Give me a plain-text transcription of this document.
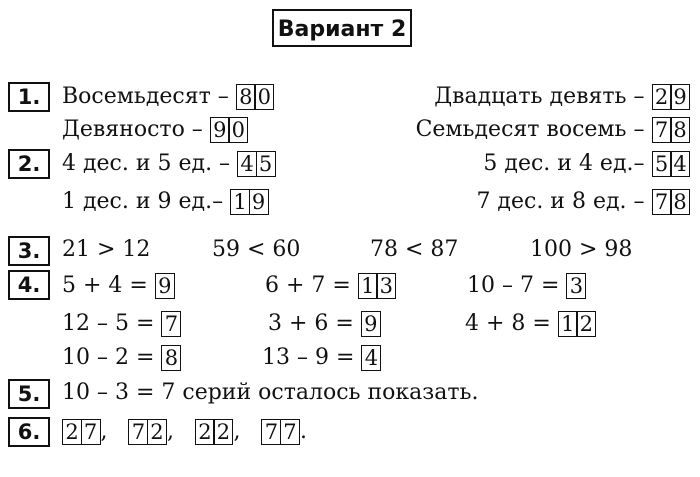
Вариант 2
1. Восемьдесят – 8 0	Двадцать девять – 2 9
Девяносто – 9 0	Семьдесят восемь – 7 8
2. 4 дес. и 5 ед. – 4 5	5 дес. и 4 ед.– 5 4
1 дес. и 9 ед.– 1 9	7 дес. и 8 ед. – 7 8
3. 21 > 12	59 < 60	78 < 87	100 > 98
4. 5 + 4 = 9	6 + 7 = 1 3	10 – 7 = 3
12 – 5 = 7	3 + 6 = 9	4 + 8 = 1 2
10 – 2 = 8	13 – 9 = 4
5. 10 – 3 = 7 серий осталось показать.
6.	2 7 , 7 2 , 2 2 , 7 7 .
